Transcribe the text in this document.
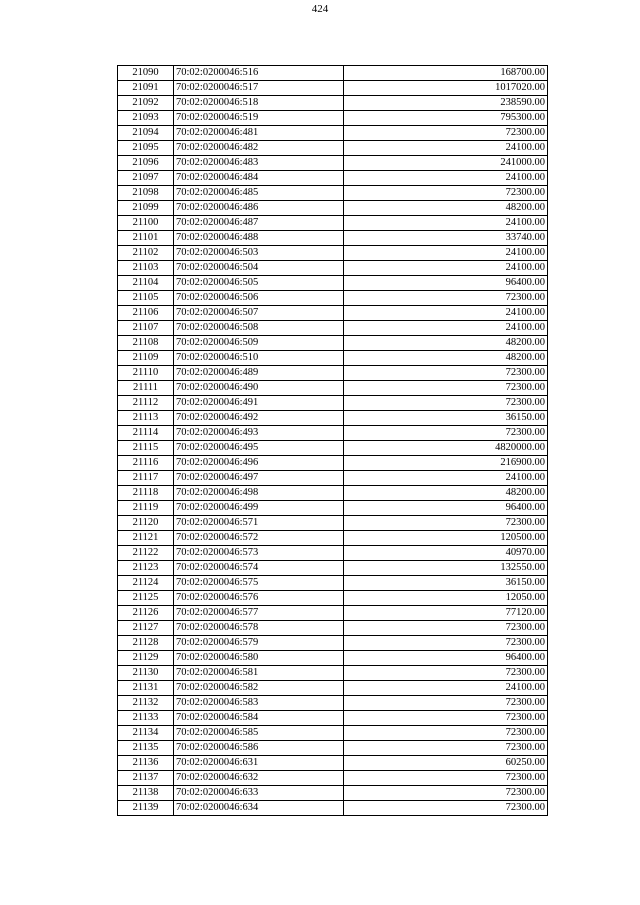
424
21090	70:02:0200046:516	168700.00
21091	70:02:0200046:517	1017020.00
21092	70:02:0200046:518	238590.00
21093	70:02:0200046:519	795300.00
21094	70:02:0200046:481	72300.00
21095	70:02:0200046:482	24100.00
21096	70:02:0200046:483	241000.00
21097	70:02:0200046:484	24100.00
21098	70:02:0200046:485	72300.00
21099	70:02:0200046:486	48200.00
21100	70:02:0200046:487	24100.00
21101	70:02:0200046:488	33740.00
21102	70:02:0200046:503	24100.00
21103	70:02:0200046:504	24100.00
21104	70:02:0200046:505	96400.00
21105	70:02:0200046:506	72300.00
21106	70:02:0200046:507	24100.00
21107	70:02:0200046:508	24100.00
21108	70:02:0200046:509	48200.00
21109	70:02:0200046:510	48200.00
21110	70:02:0200046:489	72300.00
21111	70:02:0200046:490	72300.00
21112	70:02:0200046:491	72300.00
21113	70:02:0200046:492	36150.00
21114	70:02:0200046:493	72300.00
21115	70:02:0200046:495	4820000.00
21116	70:02:0200046:496	216900.00
21117	70:02:0200046:497	24100.00
21118	70:02:0200046:498	48200.00
21119	70:02:0200046:499	96400.00
21120	70:02:0200046:571	72300.00
21121	70:02:0200046:572	120500.00
21122	70:02:0200046:573	40970.00
21123	70:02:0200046:574	132550.00
21124	70:02:0200046:575	36150.00
21125	70:02:0200046:576	12050.00
21126	70:02:0200046:577	77120.00
21127	70:02:0200046:578	72300.00
21128	70:02:0200046:579	72300.00
21129	70:02:0200046:580	96400.00
21130	70:02:0200046:581	72300.00
21131	70:02:0200046:582	24100.00
21132	70:02:0200046:583	72300.00
21133	70:02:0200046:584	72300.00
21134	70:02:0200046:585	72300.00
21135	70:02:0200046:586	72300.00
21136	70:02:0200046:631	60250.00
21137	70:02:0200046:632	72300.00
21138	70:02:0200046:633	72300.00
21139	70:02:0200046:634	72300.00
